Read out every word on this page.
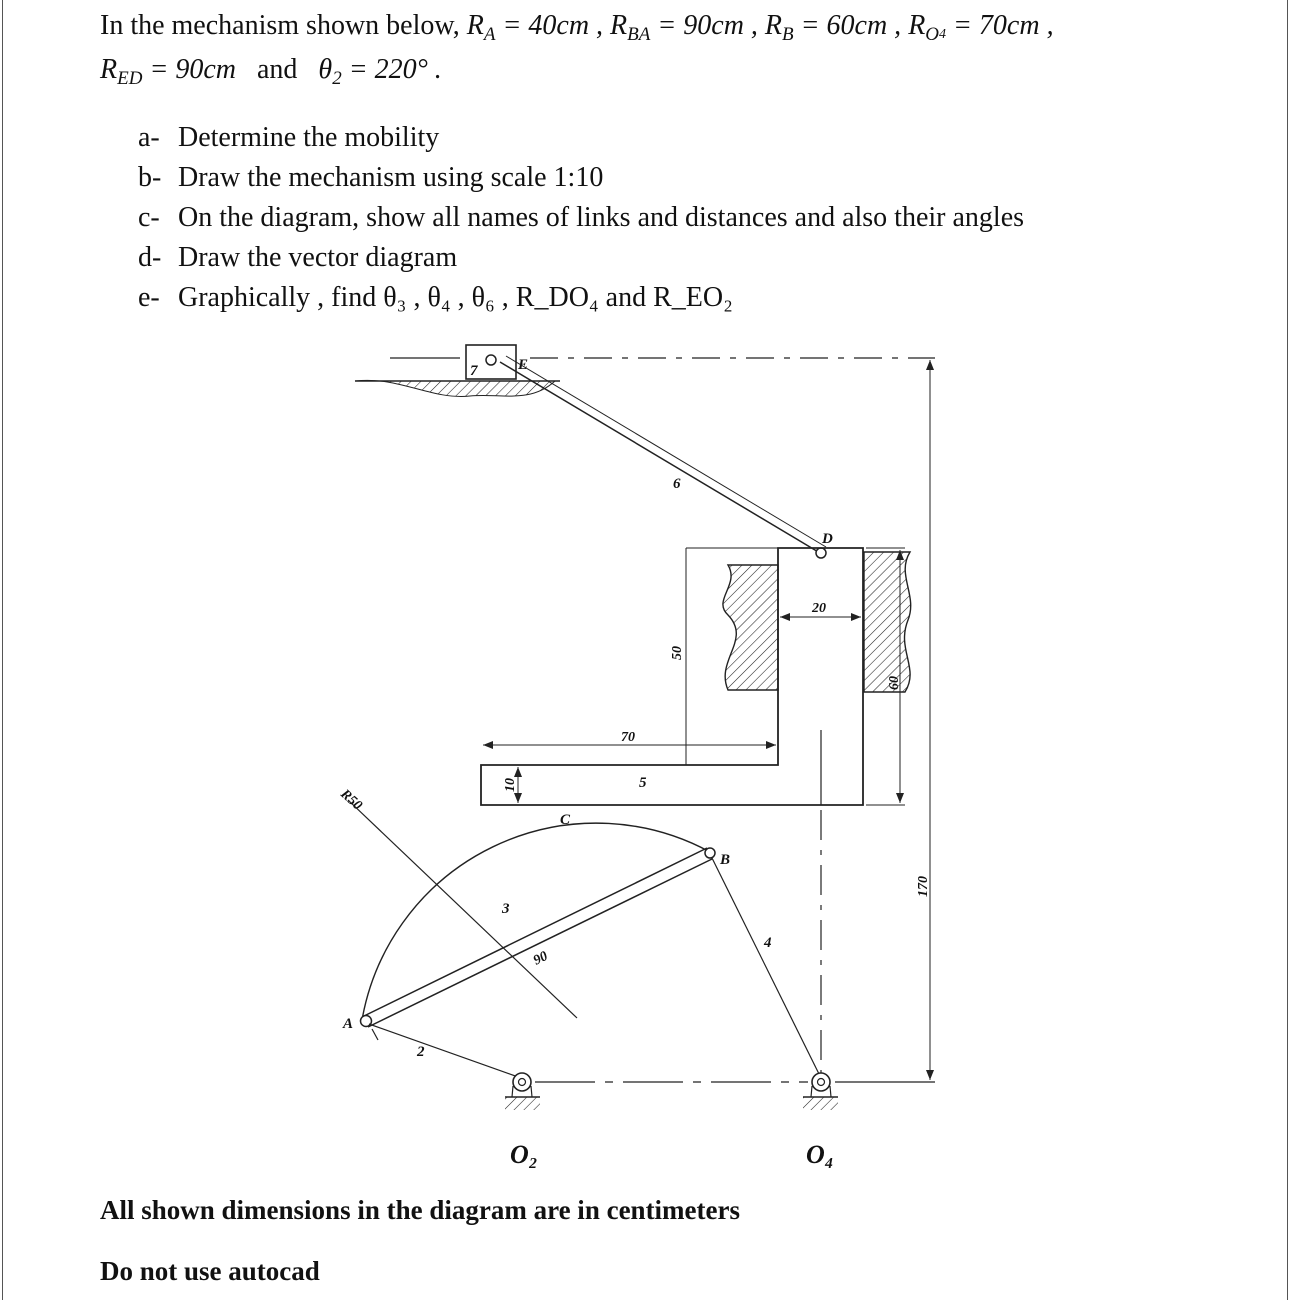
In the mechanism shown below, $R_A = 40cm$ , $R_{BA} = 90cm$ , $R_B = 60cm$ , $R_O4 = 70cm$ ,
$R_{ED} = 90cm$ and $\theta_2 = 220^\circ$ .
a- Determine the mobility
b- Draw the mechanism using scale 1:10
c- On the diagram, show all names of links and distances and also their angles
d- Draw the vector diagram
e- Graphically , find θ₃ , θ₄ , θ₆ , R_DO₄ and R_EO₂
7	E
6
D
5
50
20
60
70
10
C
R50
3
90
B
4
A
2
170
O₂	O₄
All shown dimensions in the diagram are in centimeters
Do not use autocad
